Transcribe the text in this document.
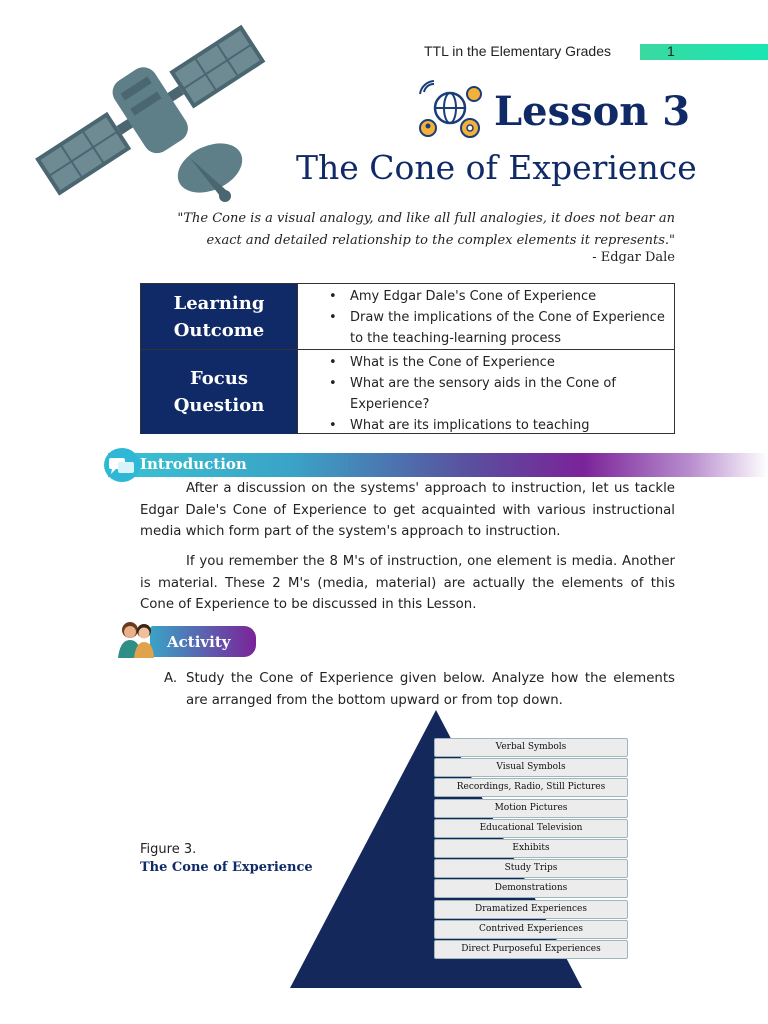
TTL in the Elementary Grades	1
Lesson 3
The Cone of Experience
"The Cone is a visual analogy, and like all full analogies, it does not bear an exact and detailed relationship to the complex elements it represents."
- Edgar Dale
Learning
Outcome
• Amy Edgar Dale's Cone of Experience
• Draw the implications of the Cone of Experience to the teaching-learning process
Focus
Question
• What is the Cone of Experience
• What are the sensory aids in the Cone of Experience?
• What are its implications to teaching
Introduction
After a discussion on the systems' approach to instruction, let us tackle Edgar Dale's Cone of Experience to get acquainted with various instructional media which form part of the system's approach to instruction.
If you remember the 8 M's of instruction, one element is media. Another is material. These 2 M's (media, material) are actually the elements of this Cone of Experience to be discussed in this Lesson.
Activity
A. Study the Cone of Experience given below. Analyze how the elements are arranged from the bottom upward or from top down.
Figure 3.
The Cone of Experience
Verbal Symbols
Visual Symbols
Recordings, Radio, Still Pictures
Motion Pictures
Educational Television
Exhibits
Study Trips
Demonstrations
Dramatized Experiences
Contrived Experiences
Direct Purposeful Experiences
